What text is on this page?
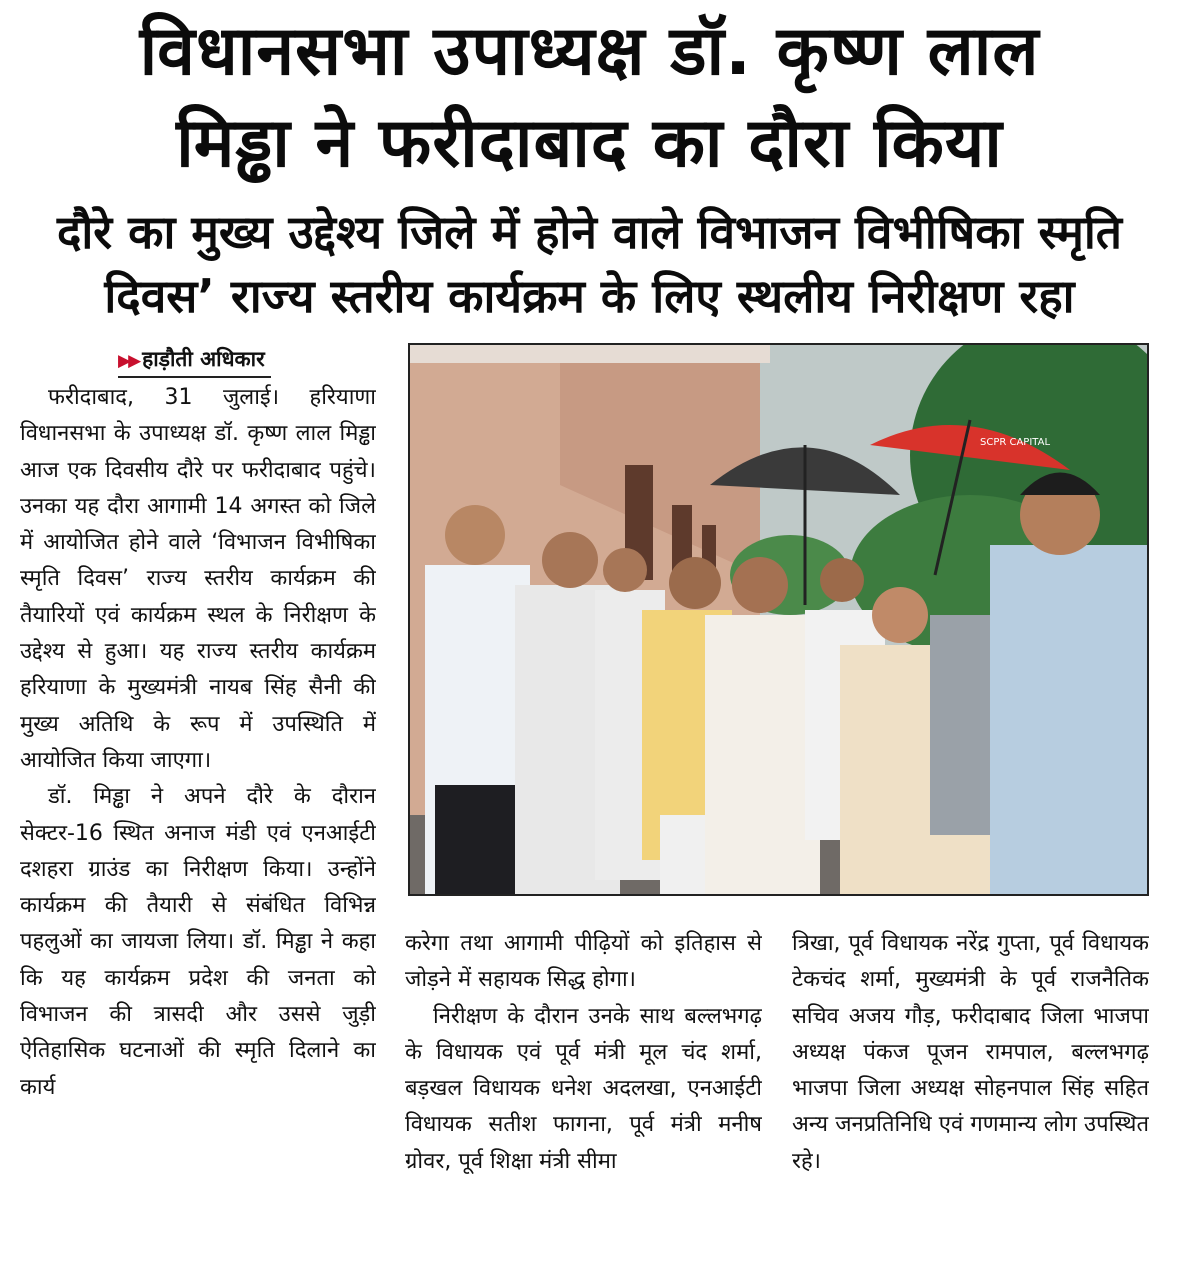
विधानसभा उपाध्यक्ष डॉ. कृष्ण लाल
मिड्ढा ने फरीदाबाद का दौरा किया
दौरे का मुख्य उद्देश्य जिले में होने वाले विभाजन विभीषिका स्मृति
दिवस’ राज्य स्तरीय कार्यक्रम के लिए स्थलीय निरीक्षण रहा
▶▶ हाड़ौती अधिकार

फरीदाबाद, 31 जुलाई। हरियाणा विधानसभा के उपाध्यक्ष डॉ. कृष्ण लाल मिड्ढा आज एक दिवसीय दौरे पर फरीदाबाद पहुंचे। उनका यह दौरा आगामी 14 अगस्त को जिले में आयोजित होने वाले ‘विभाजन विभीषिका स्मृति दिवस’ राज्य स्तरीय कार्यक्रम की तैयारियों एवं कार्यक्रम स्थल के निरीक्षण के उद्देश्य से हुआ। यह राज्य स्तरीय कार्यक्रम हरियाणा के मुख्यमंत्री नायब सिंह सैनी की मुख्य अतिथि के रूप में उपस्थिति में आयोजित किया जाएगा।

डॉ. मिड्ढा ने अपने दौरे के दौरान सेक्टर-16 स्थित अनाज मंडी एवं एनआईटी दशहरा ग्राउंड का निरीक्षण किया। उन्होंने कार्यक्रम की तैयारी से संबंधित विभिन्न पहलुओं का जायजा लिया। डॉ. मिड्ढा ने कहा कि यह कार्यक्रम प्रदेश की जनता को विभाजन की त्रासदी और उससे जुड़ी ऐतिहासिक घटनाओं की स्मृति दिलाने का कार्य

SCPR CAPITAL

करेगा तथा आगामी पीढ़ियों को इतिहास से जोड़ने में सहायक सिद्ध होगा।

निरीक्षण के दौरान उनके साथ बल्लभगढ़ के विधायक एवं पूर्व मंत्री मूल चंद शर्मा, बड़खल विधायक धनेश अदलखा, एनआईटी विधायक सतीश फागना, पूर्व मंत्री मनीष ग्रोवर, पूर्व शिक्षा मंत्री सीमा

त्रिखा, पूर्व विधायक नरेंद्र गुप्ता, पूर्व विधायक टेकचंद शर्मा, मुख्यमंत्री के पूर्व राजनैतिक सचिव अजय गौड़, फरीदाबाद जिला भाजपा अध्यक्ष पंकज पूजन रामपाल, बल्लभगढ़ भाजपा जिला अध्यक्ष सोहनपाल सिंह सहित अन्य जनप्रतिनिधि एवं गणमान्य लोग उपस्थित रहे।
